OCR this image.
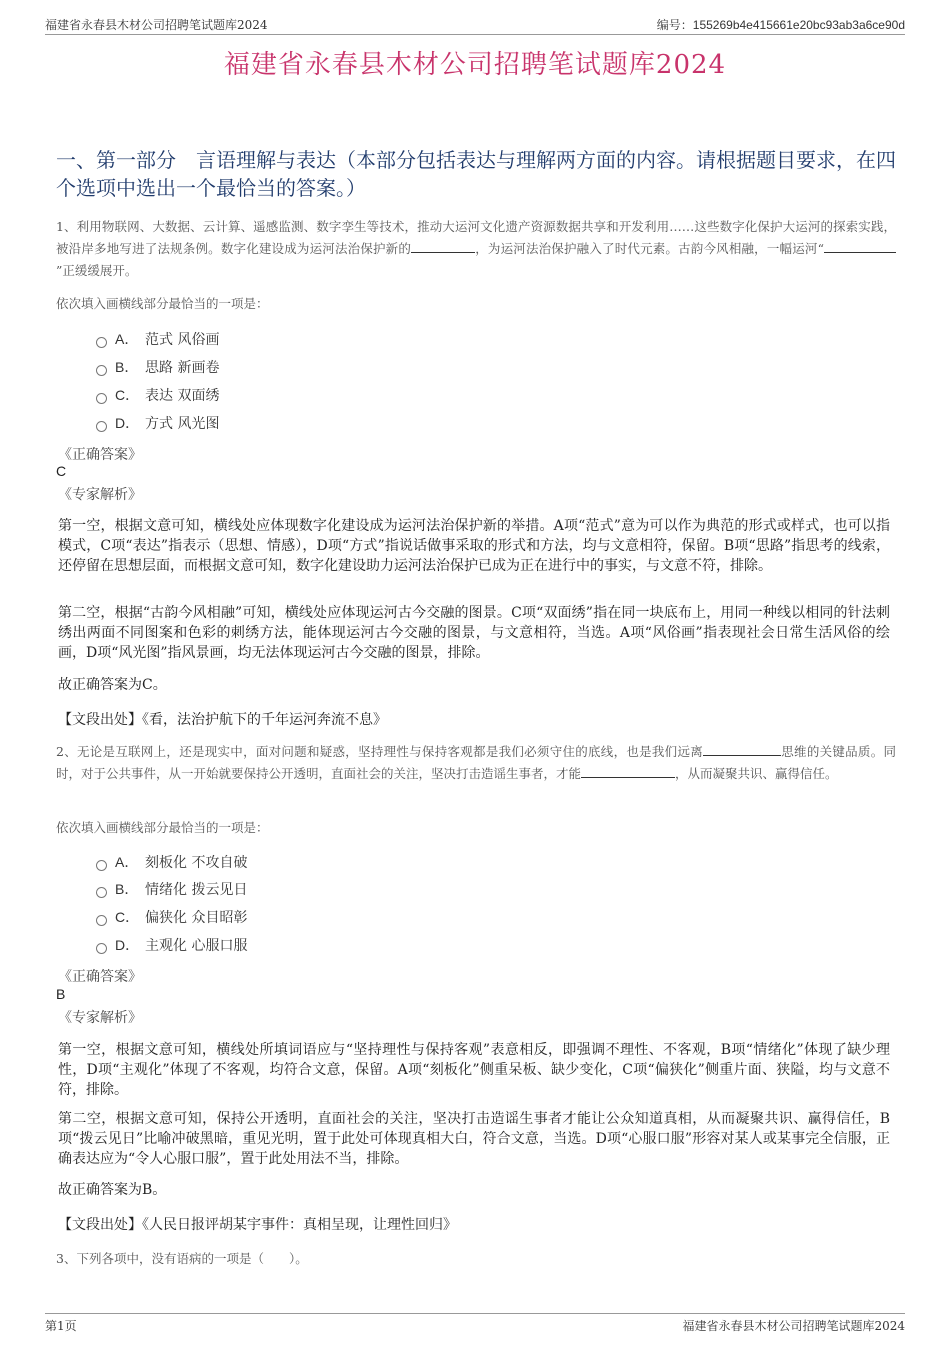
福建省永春县木材公司招聘笔试题库2024	编号：155269b4e415661e20bc93ab3a6ce90d
福建省永春县木材公司招聘笔试题库2024
一、第一部分　言语理解与表达（本部分包括表达与理解两方面的内容。请根据题目要求，在四个选项中选出一个最恰当的答案。）
1、利用物联网、大数据、云计算、遥感监测、数字孪生等技术，推动大运河文化遗产资源数据共享和开发利用……这些数字化保护大运河的探索实践，被沿岸多地写进了法规条例。数字化建设成为运河法治保护新的	，为运河法治保护融入了时代元素。古韵今风相融，一幅运河“”正缓缓展开。
依次填入画横线部分最恰当的一项是：
A． 范式 风俗画
B． 思路 新画卷
C． 表达 双面绣
D． 方式 风光图
《正确答案》
C
《专家解析》
第一空，根据文意可知，横线处应体现数字化建设成为运河法治保护新的举措。A项“范式”意为可以作为典范的形式或样式，也可以指模式，C项“表达”指表示（思想、情感），D项“方式”指说话做事采取的形式和方法，均与文意相符，保留。B项“思路”指思考的线索，还停留在思想层面，而根据文意可知，数字化建设助力运河法治保护已成为正在进行中的事实，与文意不符，排除。
第二空，根据“古韵今风相融”可知，横线处应体现运河古今交融的图景。C项“双面绣”指在同一块底布上，用同一种线以相同的针法刺绣出两面不同图案和色彩的刺绣方法，能体现运河古今交融的图景，与文意相符，当选。A项“风俗画”指表现社会日常生活风俗的绘画，D项“风光图”指风景画，均无法体现运河古今交融的图景，排除。
故正确答案为C。
【文段出处】《看，法治护航下的千年运河奔流不息》
2、无论是互联网上，还是现实中，面对问题和疑惑，坚持理性与保持客观都是我们必须守住的底线，也是我们远离	思维的关键品质。同时，对于公共事件，从一开始就要保持公开透明，直面社会的关注，坚决打击造谣生事者，才能	，从而凝聚共识、赢得信任。
依次填入画横线部分最恰当的一项是：
A． 刻板化 不攻自破
B． 情绪化 拨云见日
C． 偏狭化 众目昭彰
D． 主观化 心服口服
《正确答案》
B
《专家解析》
第一空，根据文意可知，横线处所填词语应与“坚持理性与保持客观”表意相反，即强调不理性、不客观，B项“情绪化”体现了缺少理性，D项“主观化”体现了不客观，均符合文意，保留。A项“刻板化”侧重呆板、缺少变化，C项“偏狭化”侧重片面、狭隘，均与文意不符，排除。
第二空，根据文意可知，保持公开透明，直面社会的关注，坚决打击造谣生事者才能让公众知道真相，从而凝聚共识、赢得信任，B项“拨云见日”比喻冲破黑暗，重见光明，置于此处可体现真相大白，符合文意，当选。D项“心服口服”形容对某人或某事完全信服，正确表达应为“令人心服口服”，置于此处用法不当，排除。
故正确答案为B。
【文段出处】《人民日报评胡某宇事件：真相呈现，让理性回归》
3、下列各项中，没有语病的一项是（　　）。
第1页	福建省永春县木材公司招聘笔试题库2024
